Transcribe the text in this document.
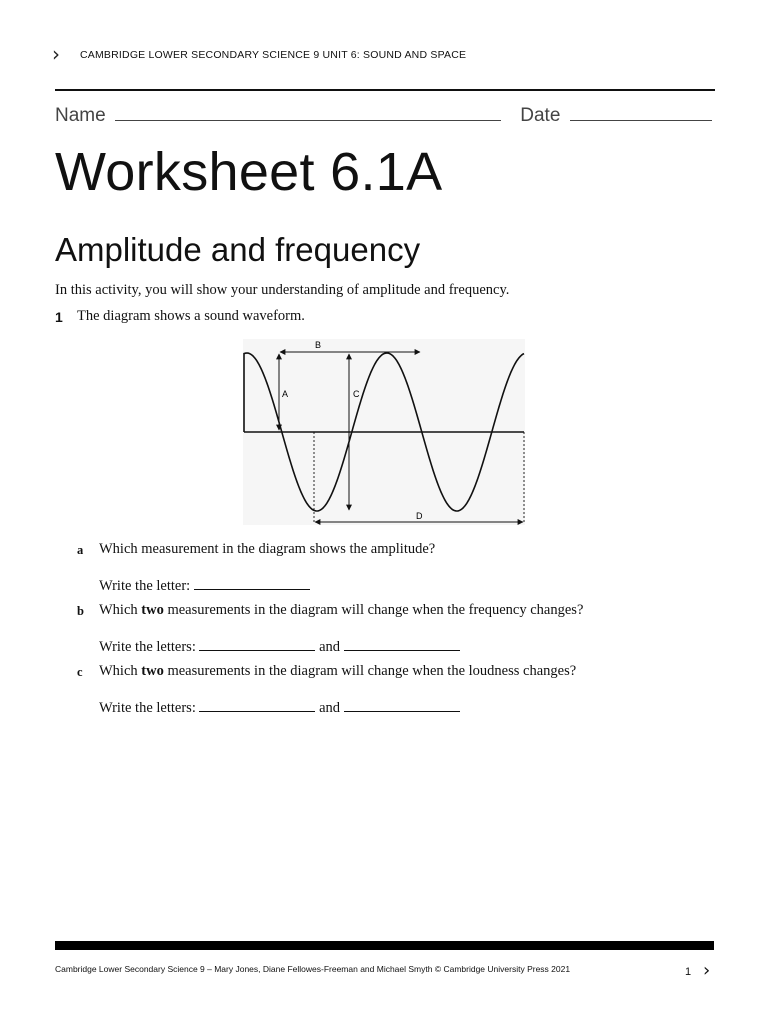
› CAMBRIDGE LOWER SECONDARY SCIENCE 9 UNIT 6: SOUND AND SPACE
Name	Date
Worksheet 6.1A
Amplitude and frequency
In this activity, you will show your understanding of amplitude and frequency.
1 The diagram shows a sound waveform.
A
B
C
D
a Which measurement in the diagram shows the amplitude?
Write the letter:
b Which two measurements in the diagram will change when the frequency changes?
Write the letters:	and
c Which two measurements in the diagram will change when the loudness changes?
Write the letters:	and
Cambridge Lower Secondary Science 9 – Mary Jones, Diane Fellowes-Freeman and Michael Smyth © Cambridge University Press 2021	1 ›
